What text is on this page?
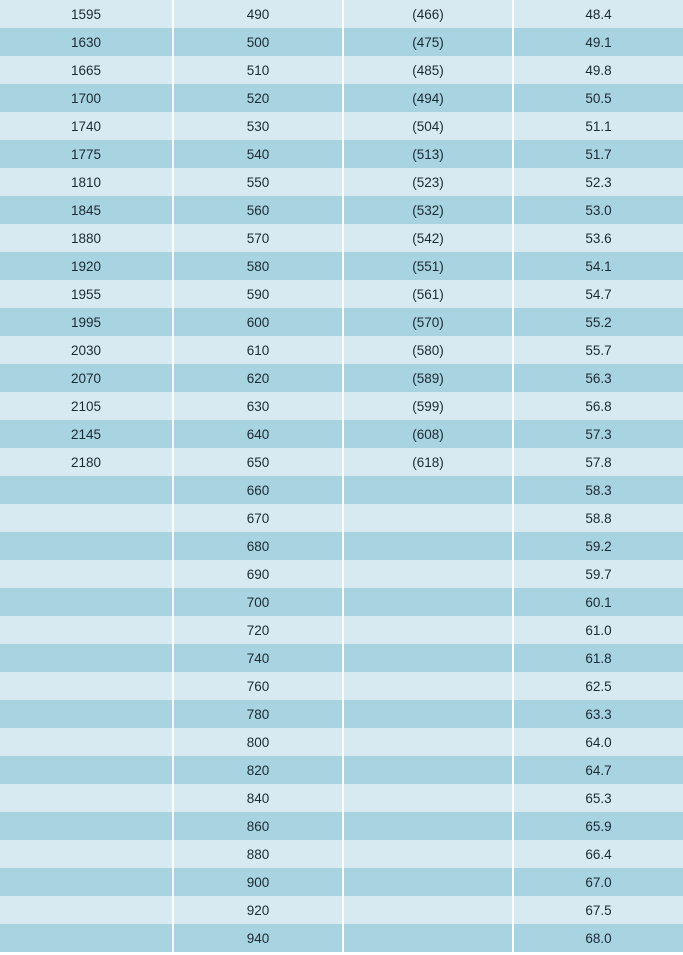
1595	490	(466)	48.4
1630	500	(475)	49.1
1665	510	(485)	49.8
1700	520	(494)	50.5
1740	530	(504)	51.1
1775	540	(513)	51.7
1810	550	(523)	52.3
1845	560	(532)	53.0
1880	570	(542)	53.6
1920	580	(551)	54.1
1955	590	(561)	54.7
1995	600	(570)	55.2
2030	610	(580)	55.7
2070	620	(589)	56.3
2105	630	(599)	56.8
2145	640	(608)	57.3
2180	650	(618)	57.8
	660		58.3
	670		58.8
	680		59.2
	690		59.7
	700		60.1
	720		61.0
	740		61.8
	760		62.5
	780		63.3
	800		64.0
	820		64.7
	840		65.3
	860		65.9
	880		66.4
	900		67.0
	920		67.5
	940		68.0
